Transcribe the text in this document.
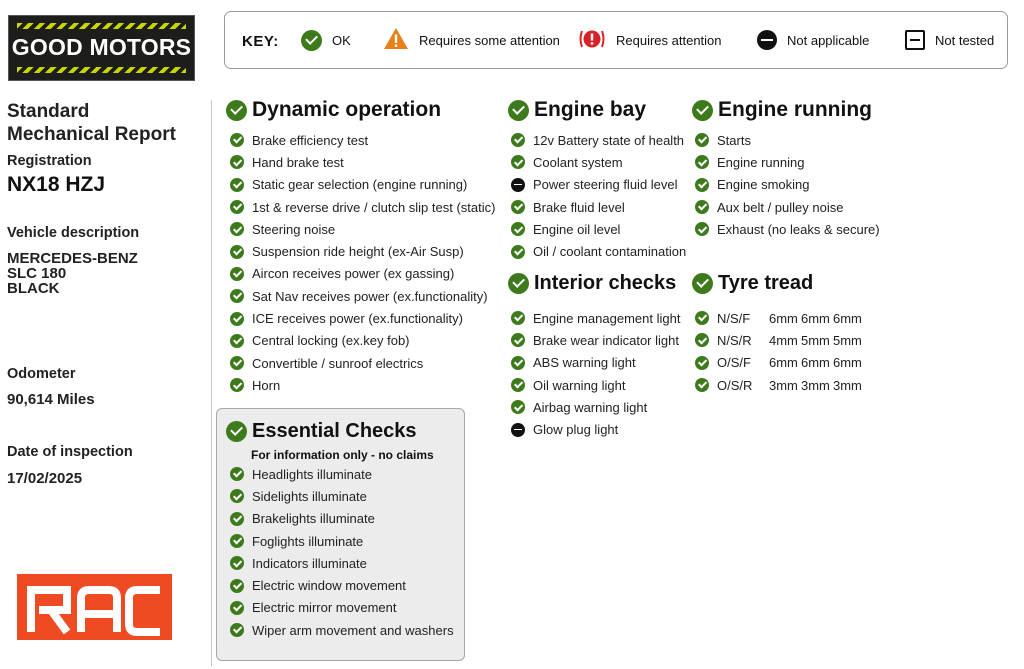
GOOD MOTORS	KEY:	OK	Requires some attention	Requires attention	Not applicable	Not tested
Standard
Mechanical Report
Registration
NX18 HZJ
Vehicle description
MERCEDES-BENZ
SLC 180
BLACK
Odometer
90,614 Miles
Date of inspection
17/02/2025
Dynamic operation
Brake efficiency test
Hand brake test
Static gear selection (engine running)
1st & reverse drive / clutch slip test (static)
Steering noise
Suspension ride height (ex-Air Susp)
Aircon receives power (ex gassing)
Sat Nav receives power (ex.functionality)
ICE receives power (ex.functionality)
Central locking (ex.key fob)
Convertible / sunroof electrics
Horn
Essential Checks
For information only - no claims
Headlights illuminate
Sidelights illuminate
Brakelights illuminate
Foglights illuminate
Indicators illuminate
Electric window movement
Electric mirror movement
Wiper arm movement and washers
Engine bay
12v Battery state of health
Coolant system
Power steering fluid level
Brake fluid level
Engine oil level
Oil / coolant contamination
Interior checks
Engine management light
Brake wear indicator light
ABS warning light
Oil warning light
Airbag warning light
Glow plug light
Engine running
Starts
Engine running
Engine smoking
Aux belt / pulley noise
Exhaust (no leaks & secure)
Tyre tread
N/S/F	6mm 6mm 6mm
N/S/R	4mm 5mm 5mm
O/S/F	6mm 6mm 6mm
O/S/R	3mm 3mm 3mm
